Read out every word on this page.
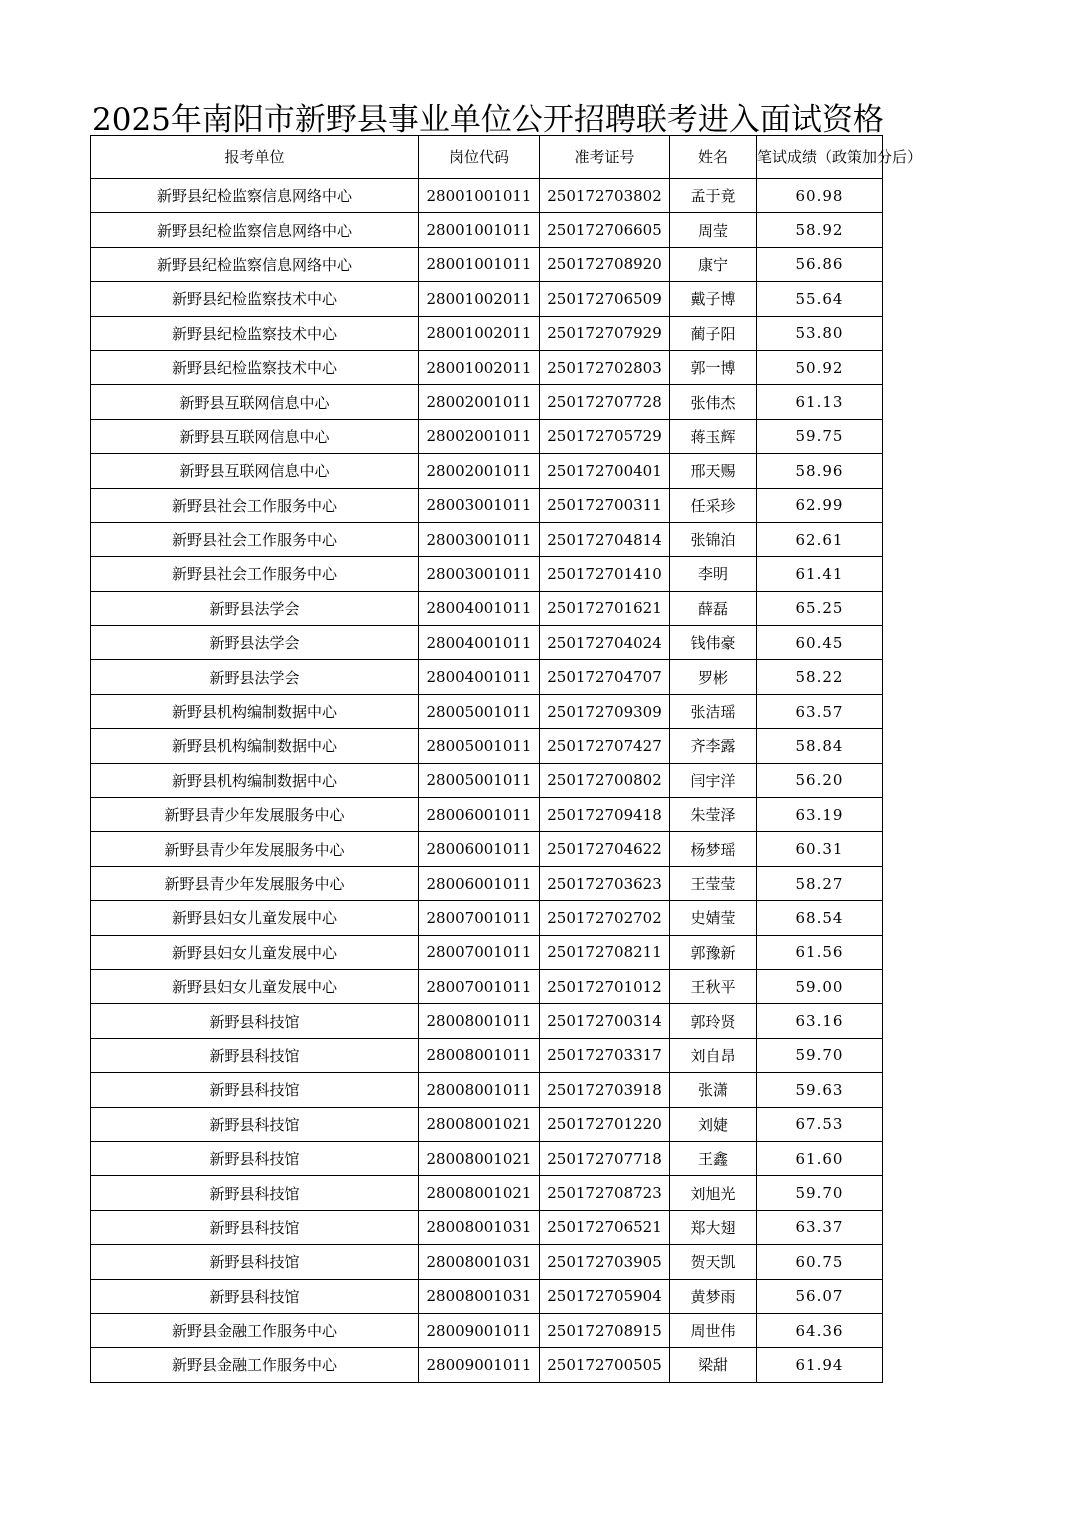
2025年南阳市新野县事业单位公开招聘联考进入面试资格
报考单位	岗位代码	准考证号	姓名	笔试成绩（政策加分后）
新野县纪检监察信息网络中心	28001001011	250172703802	孟于竟	60.98
新野县纪检监察信息网络中心	28001001011	250172706605	周莹	58.92
新野县纪检监察信息网络中心	28001001011	250172708920	康宁	56.86
新野县纪检监察技术中心	28001002011	250172706509	戴子博	55.64
新野县纪检监察技术中心	28001002011	250172707929	蔺子阳	53.80
新野县纪检监察技术中心	28001002011	250172702803	郭一博	50.92
新野县互联网信息中心	28002001011	250172707728	张伟杰	61.13
新野县互联网信息中心	28002001011	250172705729	蒋玉辉	59.75
新野县互联网信息中心	28002001011	250172700401	邢天赐	58.96
新野县社会工作服务中心	28003001011	250172700311	任采珍	62.99
新野县社会工作服务中心	28003001011	250172704814	张锦泊	62.61
新野县社会工作服务中心	28003001011	250172701410	李明	61.41
新野县法学会	28004001011	250172701621	薛磊	65.25
新野县法学会	28004001011	250172704024	钱伟豪	60.45
新野县法学会	28004001011	250172704707	罗彬	58.22
新野县机构编制数据中心	28005001011	250172709309	张洁瑶	63.57
新野县机构编制数据中心	28005001011	250172707427	齐李露	58.84
新野县机构编制数据中心	28005001011	250172700802	闫宇洋	56.20
新野县青少年发展服务中心	28006001011	250172709418	朱莹泽	63.19
新野县青少年发展服务中心	28006001011	250172704622	杨梦瑶	60.31
新野县青少年发展服务中心	28006001011	250172703623	王莹莹	58.27
新野县妇女儿童发展中心	28007001011	250172702702	史婧莹	68.54
新野县妇女儿童发展中心	28007001011	250172708211	郭豫新	61.56
新野县妇女儿童发展中心	28007001011	250172701012	王秋平	59.00
新野县科技馆	28008001011	250172700314	郭玲贤	63.16
新野县科技馆	28008001011	250172703317	刘自昂	59.70
新野县科技馆	28008001011	250172703918	张潇	59.63
新野县科技馆	28008001021	250172701220	刘婕	67.53
新野县科技馆	28008001021	250172707718	王鑫	61.60
新野县科技馆	28008001021	250172708723	刘旭光	59.70
新野县科技馆	28008001031	250172706521	郑大翅	63.37
新野县科技馆	28008001031	250172703905	贺天凯	60.75
新野县科技馆	28008001031	250172705904	黄梦雨	56.07
新野县金融工作服务中心	28009001011	250172708915	周世伟	64.36
新野县金融工作服务中心	28009001011	250172700505	梁甜	61.94
